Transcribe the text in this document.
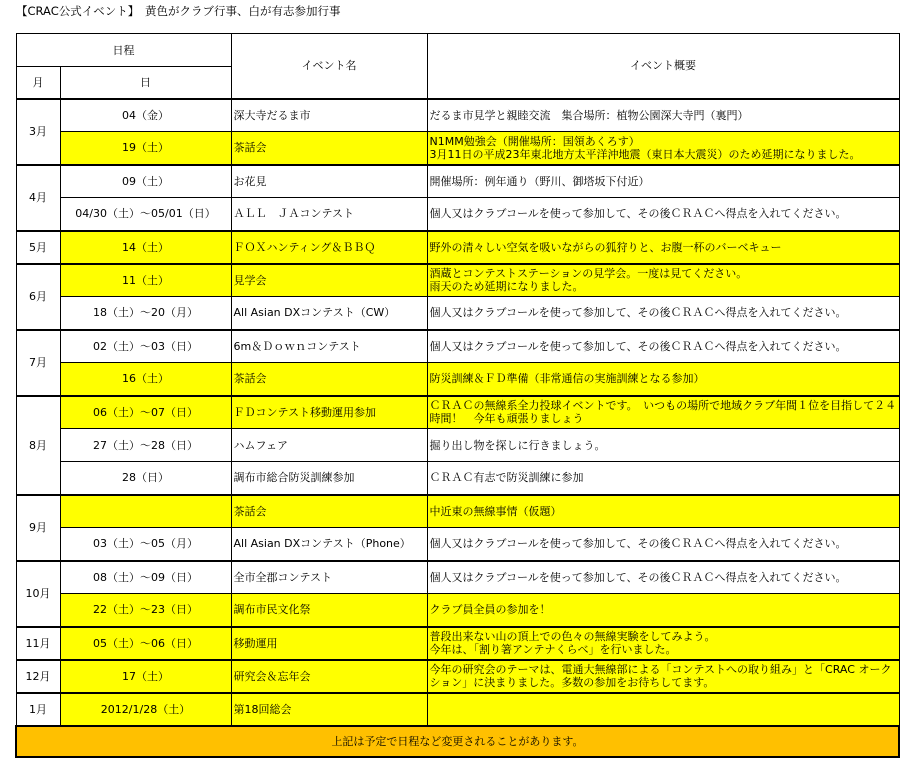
【CRAC公式イベント】　黄色がクラブ行事、白が有志参加行事
日程		イベント名	イベント概要
月	日		
3月	04（金）	深大寺だるま市	だるま市見学と親睦交流　集合場所：植物公園深大寺門（裏門）
	19（土）	茶話会	N1MM勉強会（開催場所：国領あくろす）
3月11日の平成23年東北地方太平洋沖地震（東日本大震災）のため延期になりました。
4月	09（土）	お花見	開催場所：例年通り（野川、御塔坂下付近）
	04/30（土）～05/01（日）	ＡＬＬ　ＪＡコンテスト	個人又はクラブコールを使って参加して、その後ＣＲＡＣへ得点を入れてください。
5月	14（土）	ＦＯＸハンティング＆ＢＢＱ	野外の清々しい空気を吸いながらの狐狩りと、お腹一杯のバーベキュー
6月	11（土）	見学会	酒蔵とコンテストステーションの見学会。一度は見てください。
雨天のため延期になりました。
	18（土）～20（月）	All Asian DXコンテスト（CW）	個人又はクラブコールを使って参加して、その後ＣＲＡＣへ得点を入れてください。
7月	02（土）～03（日）	6m＆Ｄｏｗｎコンテスト	個人又はクラブコールを使って参加して、その後ＣＲＡＣへ得点を入れてください。
	16（土）	茶話会	防災訓練＆ＦＤ準備（非常通信の実施訓練となる参加）
8月	06（土）～07（日）	ＦＤコンテスト移動運用参加	ＣＲＡＣの無線系全力投球イベントです。　いつもの場所で地域クラブ年間１位を目指して２４時間！　今年も頑張りましょう
	27（土）～28（日）	ハムフェア	掘り出し物を探しに行きましょう。
	28（日）	調布市総合防災訓練参加	ＣＲＡＣ有志で防災訓練に参加
9月		茶話会	中近東の無線事情（仮題）
	03（土）～05（月）	All Asian DXコンテスト（Phone）	個人又はクラブコールを使って参加して、その後ＣＲＡＣへ得点を入れてください。
10月	08（土）～09（日）	全市全郡コンテスト	個人又はクラブコールを使って参加して、その後ＣＲＡＣへ得点を入れてください。
	22（土）～23（日）	調布市民文化祭	クラブ員全員の参加を！
11月	05（土）～06（日）	移動運用	普段出来ない山の頂上での色々の無線実験をしてみよう。
今年は、「割り箸アンテナくらべ」を行いました。
12月	17（土）	研究会＆忘年会	今年の研究会のテーマは、電通大無線部による「コンテストへの取り組み」と「CRAC オークション」に決まりました。多数の参加をお待ちしてます。
1月	2012/1/28（土）	第18回総会	
上記は予定で日程など変更されることがあります。			
